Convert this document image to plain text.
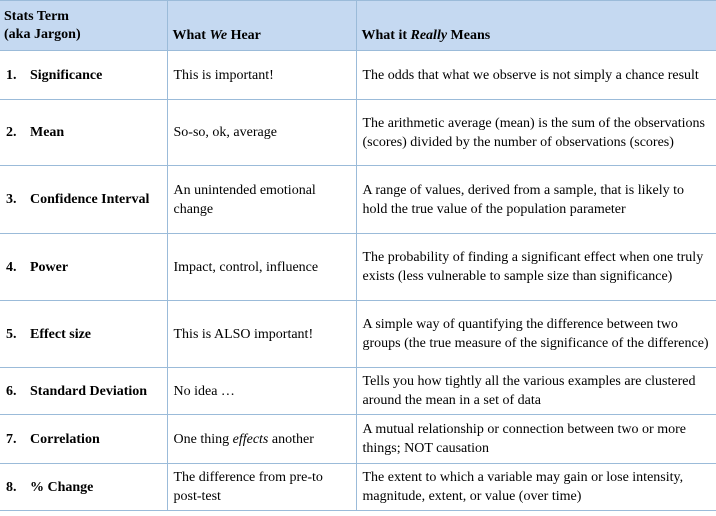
Stats Term
(aka Jargon)	What We Hear	What it Really Means

1. Significance	This is important!	The odds that what we observe is not simply a chance result

2. Mean	So-so, ok, average	The arithmetic average (mean) is the sum of the observations (scores) divided by the number of observations (scores)

3. Confidence Interval	An unintended emotional change	A range of values, derived from a sample, that is likely to hold the true value of the population parameter

4. Power	Impact, control, influence	The probability of finding a significant effect when one truly exists (less vulnerable to sample size than significance)

5. Effect size	This is ALSO important!	A simple way of quantifying the difference between two groups (the true measure of the significance of the difference)

6. Standard Deviation	No idea …	Tells you how tightly all the various examples are clustered around the mean in a set of data

7. Correlation	One thing effects another	A mutual relationship or connection between two or more things; NOT causation

8. % Change	The difference from pre-to post-test	The extent to which a variable may gain or lose intensity, magnitude, extent, or value (over time)
